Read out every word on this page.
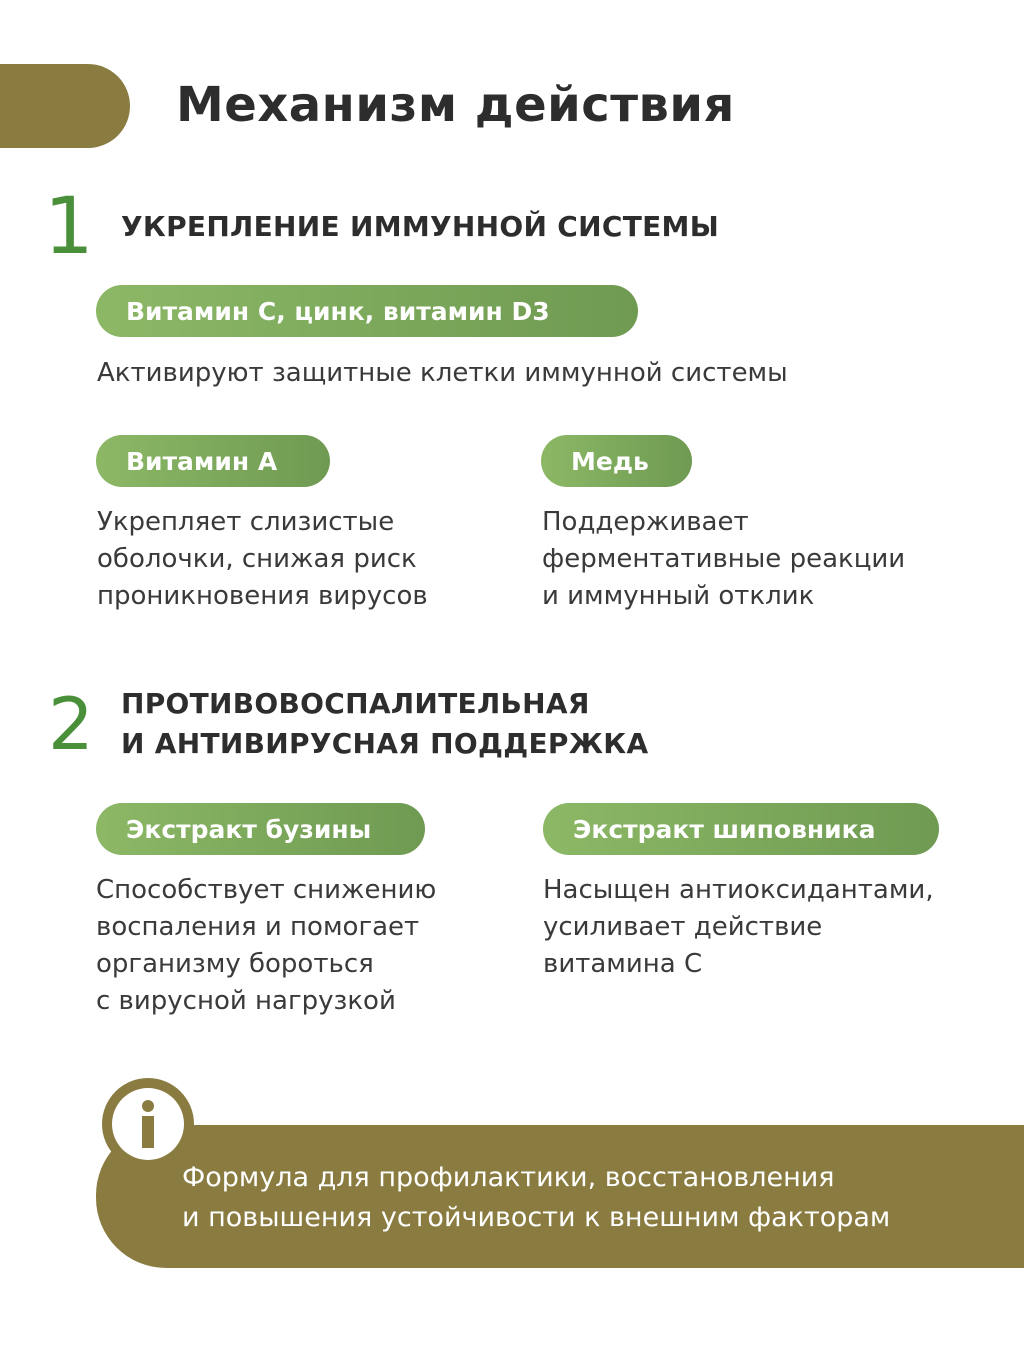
Механизм действия
1 УКРЕПЛЕНИЕ ИММУННОЙ СИСТЕМЫ
Витамин С, цинк, витамин D3
Активируют защитные клетки иммунной системы
Витамин А
Укрепляет слизистые
оболочки, снижая риск
проникновения вирусов
Медь
Поддерживает
ферментативные реакции
и иммунный отклик
2 ПРОТИВОВОСПАЛИТЕЛЬНАЯ
И АНТИВИРУСНАЯ ПОДДЕРЖКА
Экстракт бузины
Способствует снижению
воспаления и помогает
организму бороться
с вирусной нагрузкой
Экстракт шиповника
Насыщен антиоксидантами,
усиливает действие
витамина С
Формула для профилактики, восстановления
и повышения устойчивости к внешним факторам
